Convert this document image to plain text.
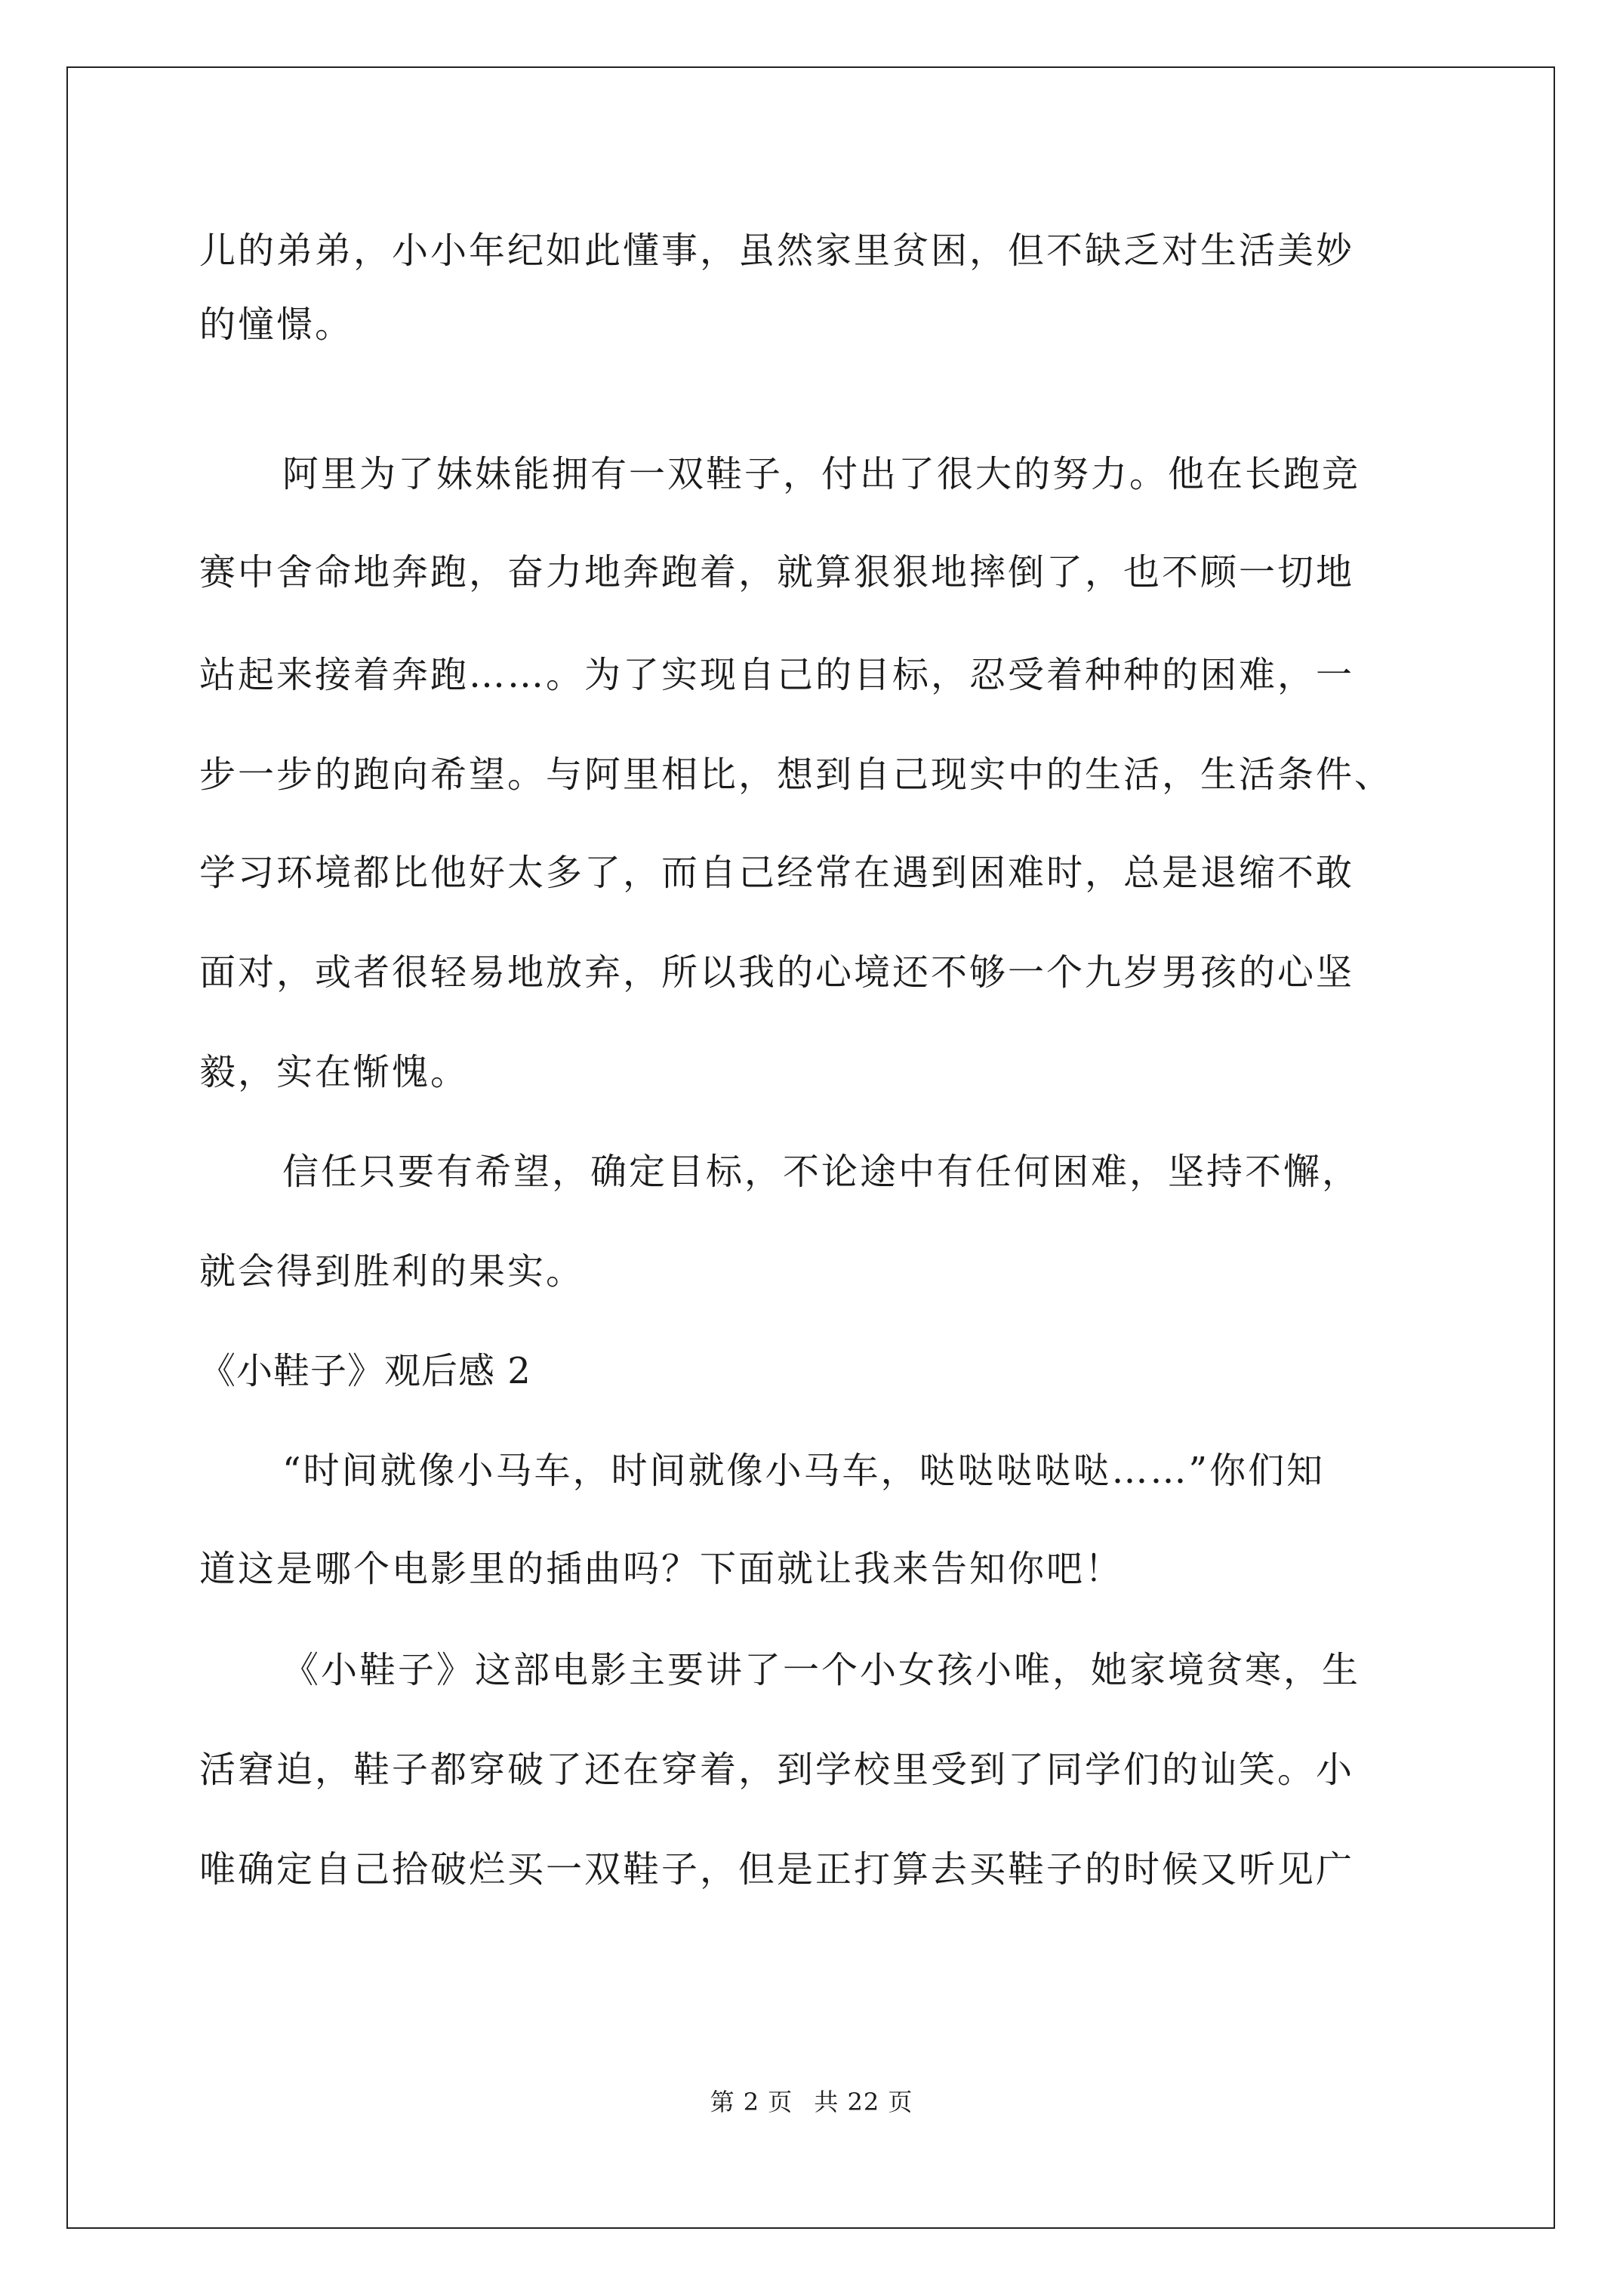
儿的弟弟，小小年纪如此懂事，虽然家里贫困，但不缺乏对生活美妙
的憧憬。
阿里为了妹妹能拥有一双鞋子，付出了很大的努力。他在长跑竞
赛中舍命地奔跑，奋力地奔跑着，就算狠狠地摔倒了，也不顾一切地
站起来接着奔跑……。为了实现自己的目标，忍受着种种的困难，一
步一步的跑向希望。与阿里相比，想到自己现实中的生活，生活条件、
学习环境都比他好太多了，而自己经常在遇到困难时，总是退缩不敢
面对，或者很轻易地放弃，所以我的心境还不够一个九岁男孩的心坚
毅，实在惭愧。
信任只要有希望，确定目标，不论途中有任何困难，坚持不懈，
就会得到胜利的果实。
《小鞋子》观后感 2
“时间就像小马车，时间就像小马车，哒哒哒哒哒……”你们知
道这是哪个电影里的插曲吗？下面就让我来告知你吧！
《小鞋子》这部电影主要讲了一个小女孩小唯，她家境贫寒，生
活窘迫，鞋子都穿破了还在穿着，到学校里受到了同学们的讪笑。小
唯确定自己拾破烂买一双鞋子，但是正打算去买鞋子的时候又听见广
第 2 页 共 22 页
